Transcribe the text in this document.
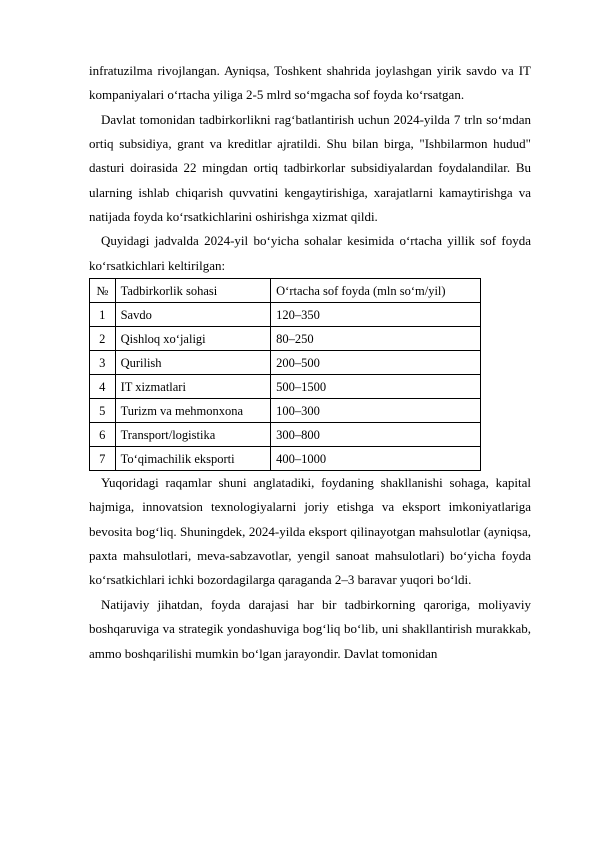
infratuzilma rivojlangan. Ayniqsa, Toshkent shahrida joylashgan yirik savdo va IT kompaniyalari o‘rtacha yiliga 2-5 mlrd so‘mgacha sof foyda ko‘rsatgan.

Davlat tomonidan tadbirkorlikni rag‘batlantirish uchun 2024-yilda 7 trln so‘mdan ortiq subsidiya, grant va kreditlar ajratildi. Shu bilan birga, "Ishbilarmon hudud" dasturi doirasida 22 mingdan ortiq tadbirkorlar subsidiyalardan foydalandilar. Bu ularning ishlab chiqarish quvvatini kengaytirishiga, xarajatlarni kamaytirishga va natijada foyda ko‘rsatkichlarini oshirishga xizmat qildi.

Quyidagi jadvalda 2024-yil bo‘yicha sohalar kesimida o‘rtacha yillik sof foyda ko‘rsatkichlari keltirilgan:

№	Tadbirkorlik sohasi	O‘rtacha sof foyda (mln so‘m/yil)
1	Savdo	120–350
2	Qishloq xo‘jaligi	80–250
3	Qurilish	200–500
4	IT xizmatlari	500–1500
5	Turizm va mehmonxona	100–300
6	Transport/logistika	300–800
7	To‘qimachilik eksporti	400–1000

Yuqoridagi raqamlar shuni anglatadiki, foydaning shakllanishi sohaga, kapital hajmiga, innovatsion texnologiyalarni joriy etishga va eksport imkoniyatlariga bevosita bog‘liq. Shuningdek, 2024-yilda eksport qilinayotgan mahsulotlar (ayniqsa, paxta mahsulotlari, meva-sabzavotlar, yengil sanoat mahsulotlari) bo‘yicha foyda ko‘rsatkichlari ichki bozordagilarga qaraganda 2–3 baravar yuqori bo‘ldi.

Natijaviy jihatdan, foyda darajasi har bir tadbirkorning qaroriga, moliyaviy boshqaruviga va strategik yondashuviga bog‘liq bo‘lib, uni shakllantirish murakkab, ammo boshqarilishi mumkin bo‘lgan jarayondir. Davlat tomonidan
